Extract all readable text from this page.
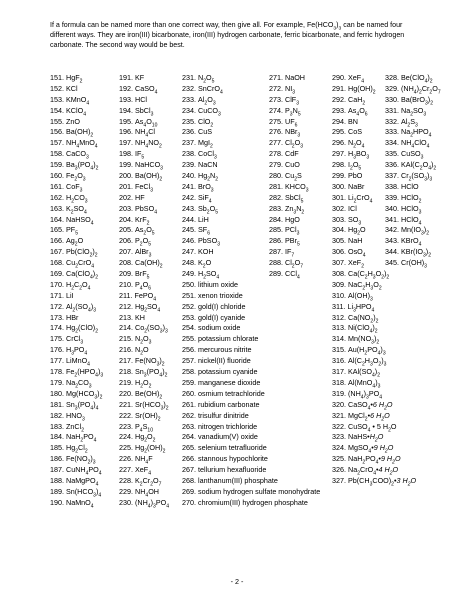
If a formula can be named more than one correct way, then give all. For example, $Fe(HCO_3)_3$ can be named four different ways. They are iron(III) bicarbonate, iron(III) hydrogen carbonate, ferric bicarbonate, and ferric hydrogen carbonate. The second way would be best.

151. HgF$_2$
152. KCl
153. KMnO$_4$
154. KClO$_4$
155. ZnO
156. $Ba(OH)_2$
157. $NH_4MnO_4$
158. CaCO$_3$
159. $Ba_3(PO_4)_2$
160. $Fe_2O_3$
161. CoF$_3$
162. $H_2CO_3$
163. $K_2SO_4$
164. NaHSO$_4$
165. $PF_5$
166. $Ag_2O$
167. $Pb(ClO_2)_2$
168. $Cu_2CrO_4$
169. $Ca(ClO_4)_2$
170. $H_2C_2O_4$
171. LiI
172. $Al_2(SO_4)_3$
173. HBr
174. $Hg_2(ClO)_2$
175. CrCl$_3$
176. $H_3PO_4$
177. LiMnO$_4$
178. $Fe_2(HPO_4)_3$
179. $Na_2CO_3$
180. $Mg(HCO_3)_2$
181. $Sn_3(PO_4)_4$
182. $HNO_3$
183. ZnCl$_2$
184. $NaH_2PO_4$
185. $Hg_2Cl_2$
186. $Fe(NO_2)_3$
187. $CuNH_4PO_4$
188. NaMgPO$_4$
189. $Sn(HCO_3)_4$
190. NaMnO$_4$
191. KF
192. CaSO$_4$
193. HCl
194. SbCl$_3$
195. $As_4O_{10}$
196. $NH_4Cl$
197. $NH_4NO_2$
198. $IF_5$
199. NaHCO$_3$
200. $Ba(OH)_2$
201. FeCl$_3$
202. HF
203. PbSO$_4$
204. KrF$_2$
205. $As_2O_5$
206. $P_2O_5$
207. AlBr$_3$
208. $Ca(OH)_2$
209. BrF$_5$
210. $P_4O_6$
211. FePO$_4$
212. $Hg_2SO_4$
213. KH
214. $Co_2(SO_3)_3$
215. $N_2O_3$
216. $N_2O$
217. $Fe(NO_3)_2$
218. $Sn_3(PO_4)_2$
219. $H_2O_2$
220. $Be(OH)_2$
221. $Sr(HCO_3)_2$
222. $Sr(OH)_2$
223. $P_4S_{10}$
224. $Hg_2O_2$
225. $Hg_2(OH)_2$
226. $NH_4F$
227. XeF$_4$
228. $K_2Cr_2O_7$
229. $NH_4OH$
230. $(NH_4)_3PO_4$
231. $N_2O_5$
232. SnCrO$_4$
233. $Al_2O_3$
234. CuCO$_3$
235. ClO$_2$
236. CuS
237. MgI$_2$
238. CoCl$_3$
239. NaCN
240. $Hg_2N_2$
241. BrO$_3$
242. SiF$_4$
243. $Sb_2O_5$
244. LiH
245. $SF_6$
246. PbSO$_3$
247. KOH
248. $K_2O$
249. $H_2SO_4$
250. lithium oxide
251. xenon trioxide
252. gold(I) chloride
253. gold(I) cyanide
254. sodium oxide
255. potassium chlorate
256. mercurous nitrite
257. nickel(II) fluoride
258. potassium cyanide
259. manganese dioxide
260. osmium tetrachloride
261. rubidium carbonate
262. trisulfur dinitride
263. nitrogen trichloride
264. vanadium(V) oxide
265. selenium tetrafluoride
266. stannous hypochlorite
267. tellurium hexafluoride
268. lanthanum(III) phosphate
269. sodium hydrogen sulfate monohydrate
270. chromium(III) hydrogen phosphate
271. NaOH
272. $NI_3$
273. ClF$_3$
274. $P_3N_5$
275. $UF_6$
276. NBr$_3$
277. $Cl_2O_3$
278. CdF
279. CuO
280. $Cu_2S$
281. $KHCO_3$
282. SbCl$_5$
283. $Zn_3N_2$
284. HgO
285. PCl$_3$
286. PBr$_5$
287. $IF_7$
288. $Cl_2O_7$
289. CCl$_4$
290. XeF$_4$
291. $Hg(OH)_2$
292. CaH$_2$
293. $As_4O_6$
294. BN
295. CoS
296. $N_2O_4$
297. $H_3BO_3$
298. $I_2O_5$
299. PbO
300. NaBr
301. $Li_2CrO_4$
302. ICl
303. $SO_3$
304. $Hg_2O$
305. NaH
306. OsO$_4$
307. XeF$_2$
308. $Ca(C_2H_3O_2)_2$
309. $NaC_2H_3O_2$
310. $Al(OH)_3$
311. $Li_3HPO_4$
312. $Ca(NO_2)_2$
313. $Ni(ClO_4)_2$
314. $Mn(NO_3)_2$
315. $Au(H_2PO_4)_3$
316. $Al(C_2H_3O_2)_3$
317. $KAl(SO_4)_2$
318. $Al(MnO_4)_3$
319. $(NH_4)_3PO_4$
320. CaSO$_4$•6 $H_2O$
321. MgCl$_2$•6 $H_2O$
322. CuSO$_4$ • 5 $H_2O$
323. $NaHS•H_2O$
324. MgSO$_4$•9 $H_2O$
325. $NaH_2PO_4•9$ $H_2O$
326. $Na_2CrO_4•4$ $H_2O$
327. $Pb(CH_3COO)_2•3$ $H_2O$
328. $Be(ClO_4)_2$
329. $(NH_4)_2Cr_2O_7$
330. $Ba(BrO_3)_2$
331. $Na_2SO_3$
332. $Al_2S_3$
333. $Na_2HPO_4$
334. $NH_4ClO_4$
335. CuSO$_3$
336. $KAl(C_2O_4)_2$
337. $Cr_2(SO_3)_3$
338. HClO
339. HClO$_2$
340. HClO$_3$
341. HClO$_4$
342. $Mn(IO_3)_2$
343. KBrO$_4$
344. $KBr(IO_3)_2$
345. $Cr(OH)_3$
- 2 -
